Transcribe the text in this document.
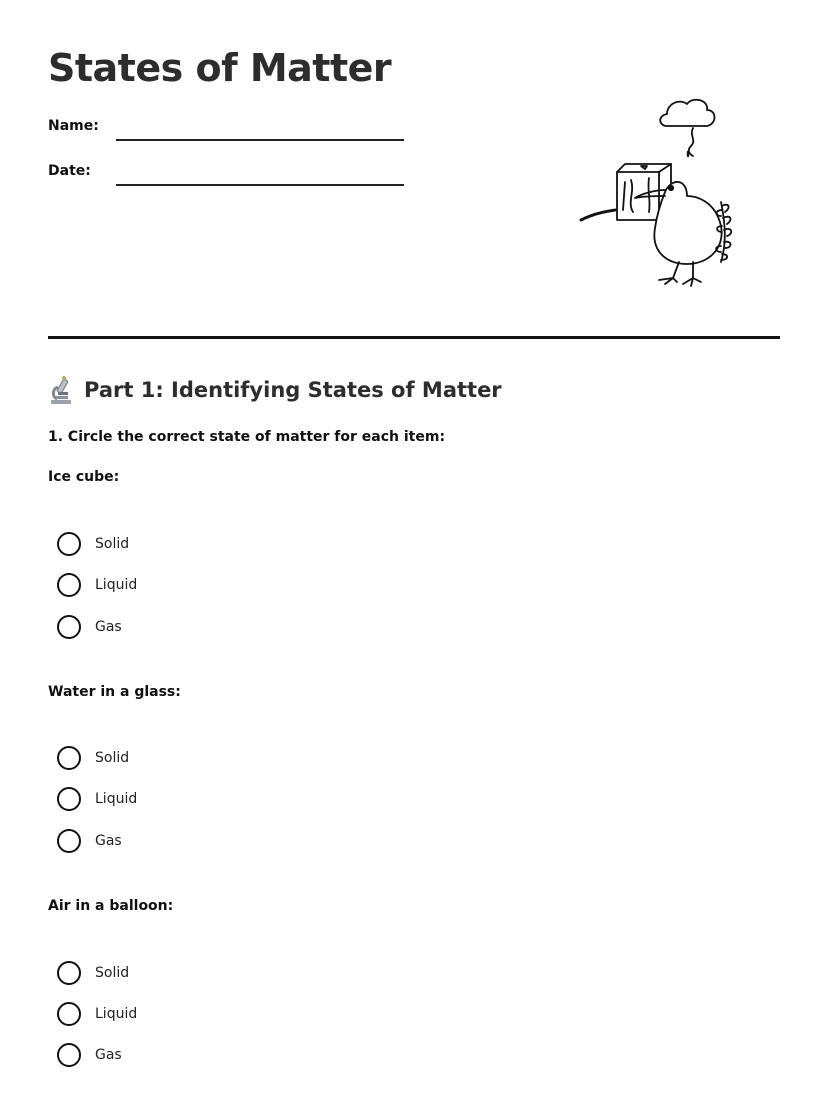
States of Matter
Name:
Date:
Part 1: Identifying States of Matter
1. Circle the correct state of matter for each item:
Ice cube:
Solid
Liquid
Gas
Water in a glass:
Solid
Liquid
Gas
Air in a balloon:
Solid
Liquid
Gas
